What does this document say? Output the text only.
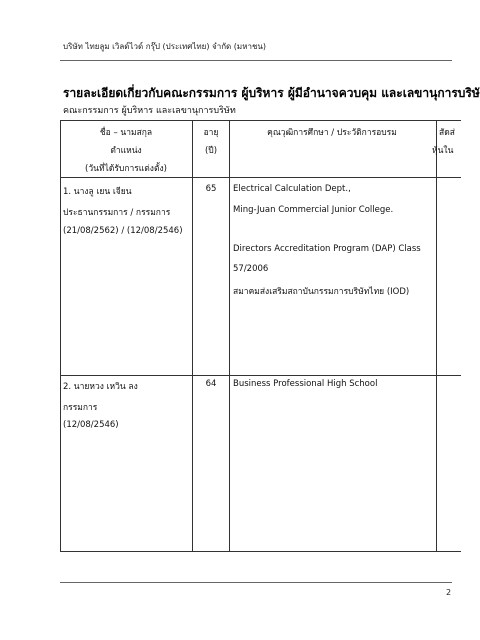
บริษัท ไทยลูม เวิลด์ไวด์ กรุ๊ป (ประเทศไทย) จำกัด (มหาชน)
รายละเอียดเกี่ยวกับคณะกรรมการ ผู้บริหาร ผู้มีอำนาจควบคุม และเลขานุการบริษั
คณะกรรมการ ผู้บริหาร และเลขานุการบริษัท
ชื่อ – นามสกุล
ตำแหน่ง
(วันที่ได้รับการแต่งตั้ง)
อายุ
(ปี)
คุณวุฒิการศึกษา / ประวัติการอบรม	สัดส่
หุ้นใน
1. นางลู เยน เจียน
ประธานกรรมการ / กรรมการ
(21/08/2562) / (12/08/2546)
65 Electrical Calculation Dept.,
Ming-Juan Commercial Junior College.
Directors Accreditation Program (DAP) Class
57/2006
สมาคมส่งเสริมสถาบันกรรมการบริษัทไทย (IOD)
2. นายหวง เหวิน ลง
กรรมการ
(12/08/2546)
64 Business Professional High School
2
